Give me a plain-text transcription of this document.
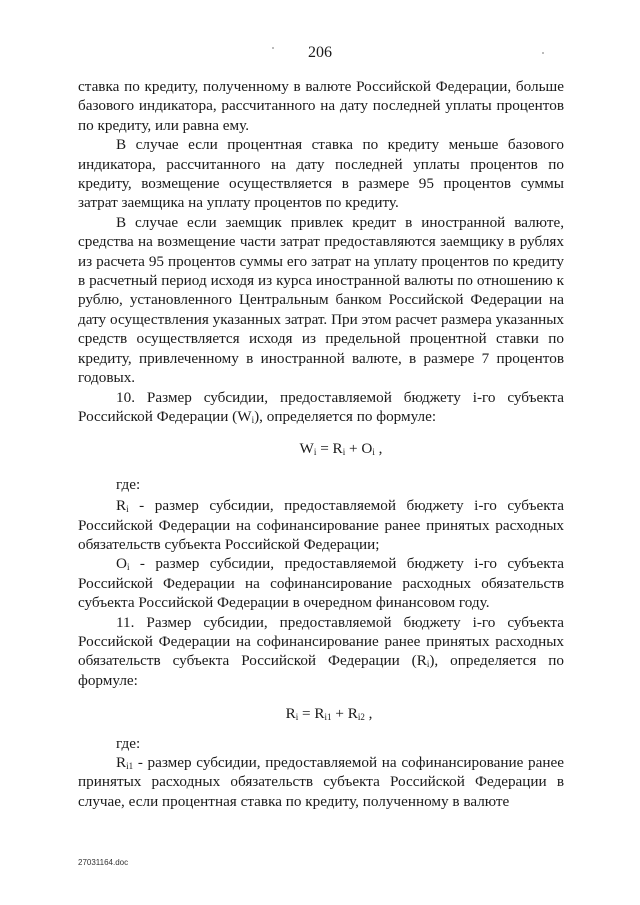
206

ставка по кредиту, полученному в валюте Российской Федерации, больше базового индикатора, рассчитанного на дату последней уплаты процентов по кредиту, или равна ему.

В случае если процентная ставка по кредиту меньше базового индикатора, рассчитанного на дату последней уплаты процентов по кредиту, возмещение осуществляется в размере 95 процентов суммы затрат заемщика на уплату процентов по кредиту.

В случае если заемщик привлек кредит в иностранной валюте, средства на возмещение части затрат предоставляются заемщику в рублях из расчета 95 процентов суммы его затрат на уплату процентов по кредиту в расчетный период исходя из курса иностранной валюты по отношению к рублю, установленного Центральным банком Российской Федерации на дату осуществления указанных затрат. При этом расчет размера указанных средств осуществляется исходя из предельной процентной ставки по кредиту, привлеченному в иностранной валюте, в размере 7 процентов годовых.

10. Размер субсидии, предоставляемой бюджету i-го субъекта Российской Федерации $(W_i)$, определяется по формуле:

$W_i = R_i + O_i$ ,

где:

$R_i$ - размер субсидии, предоставляемой бюджету i-го субъекта Российской Федерации на софинансирование ранее принятых расходных обязательств субъекта Российской Федерации;

$O_i$ - размер субсидии, предоставляемой бюджету i-го субъекта Российской Федерации на софинансирование расходных обязательств субъекта Российской Федерации в очередном финансовом году.

11. Размер субсидии, предоставляемой бюджету i-го субъекта Российской Федерации на софинансирование ранее принятых расходных обязательств субъекта Российской Федерации $(R_i)$, определяется по формуле:

$R_i = R_{i1} + R_{i2}$ ,

где:

$R_{i1}$ - размер субсидии, предоставляемой на софинансирование ранее принятых расходных обязательств субъекта Российской Федерации в случае, если процентная ставка по кредиту, полученному в валюте

27031164.doc
